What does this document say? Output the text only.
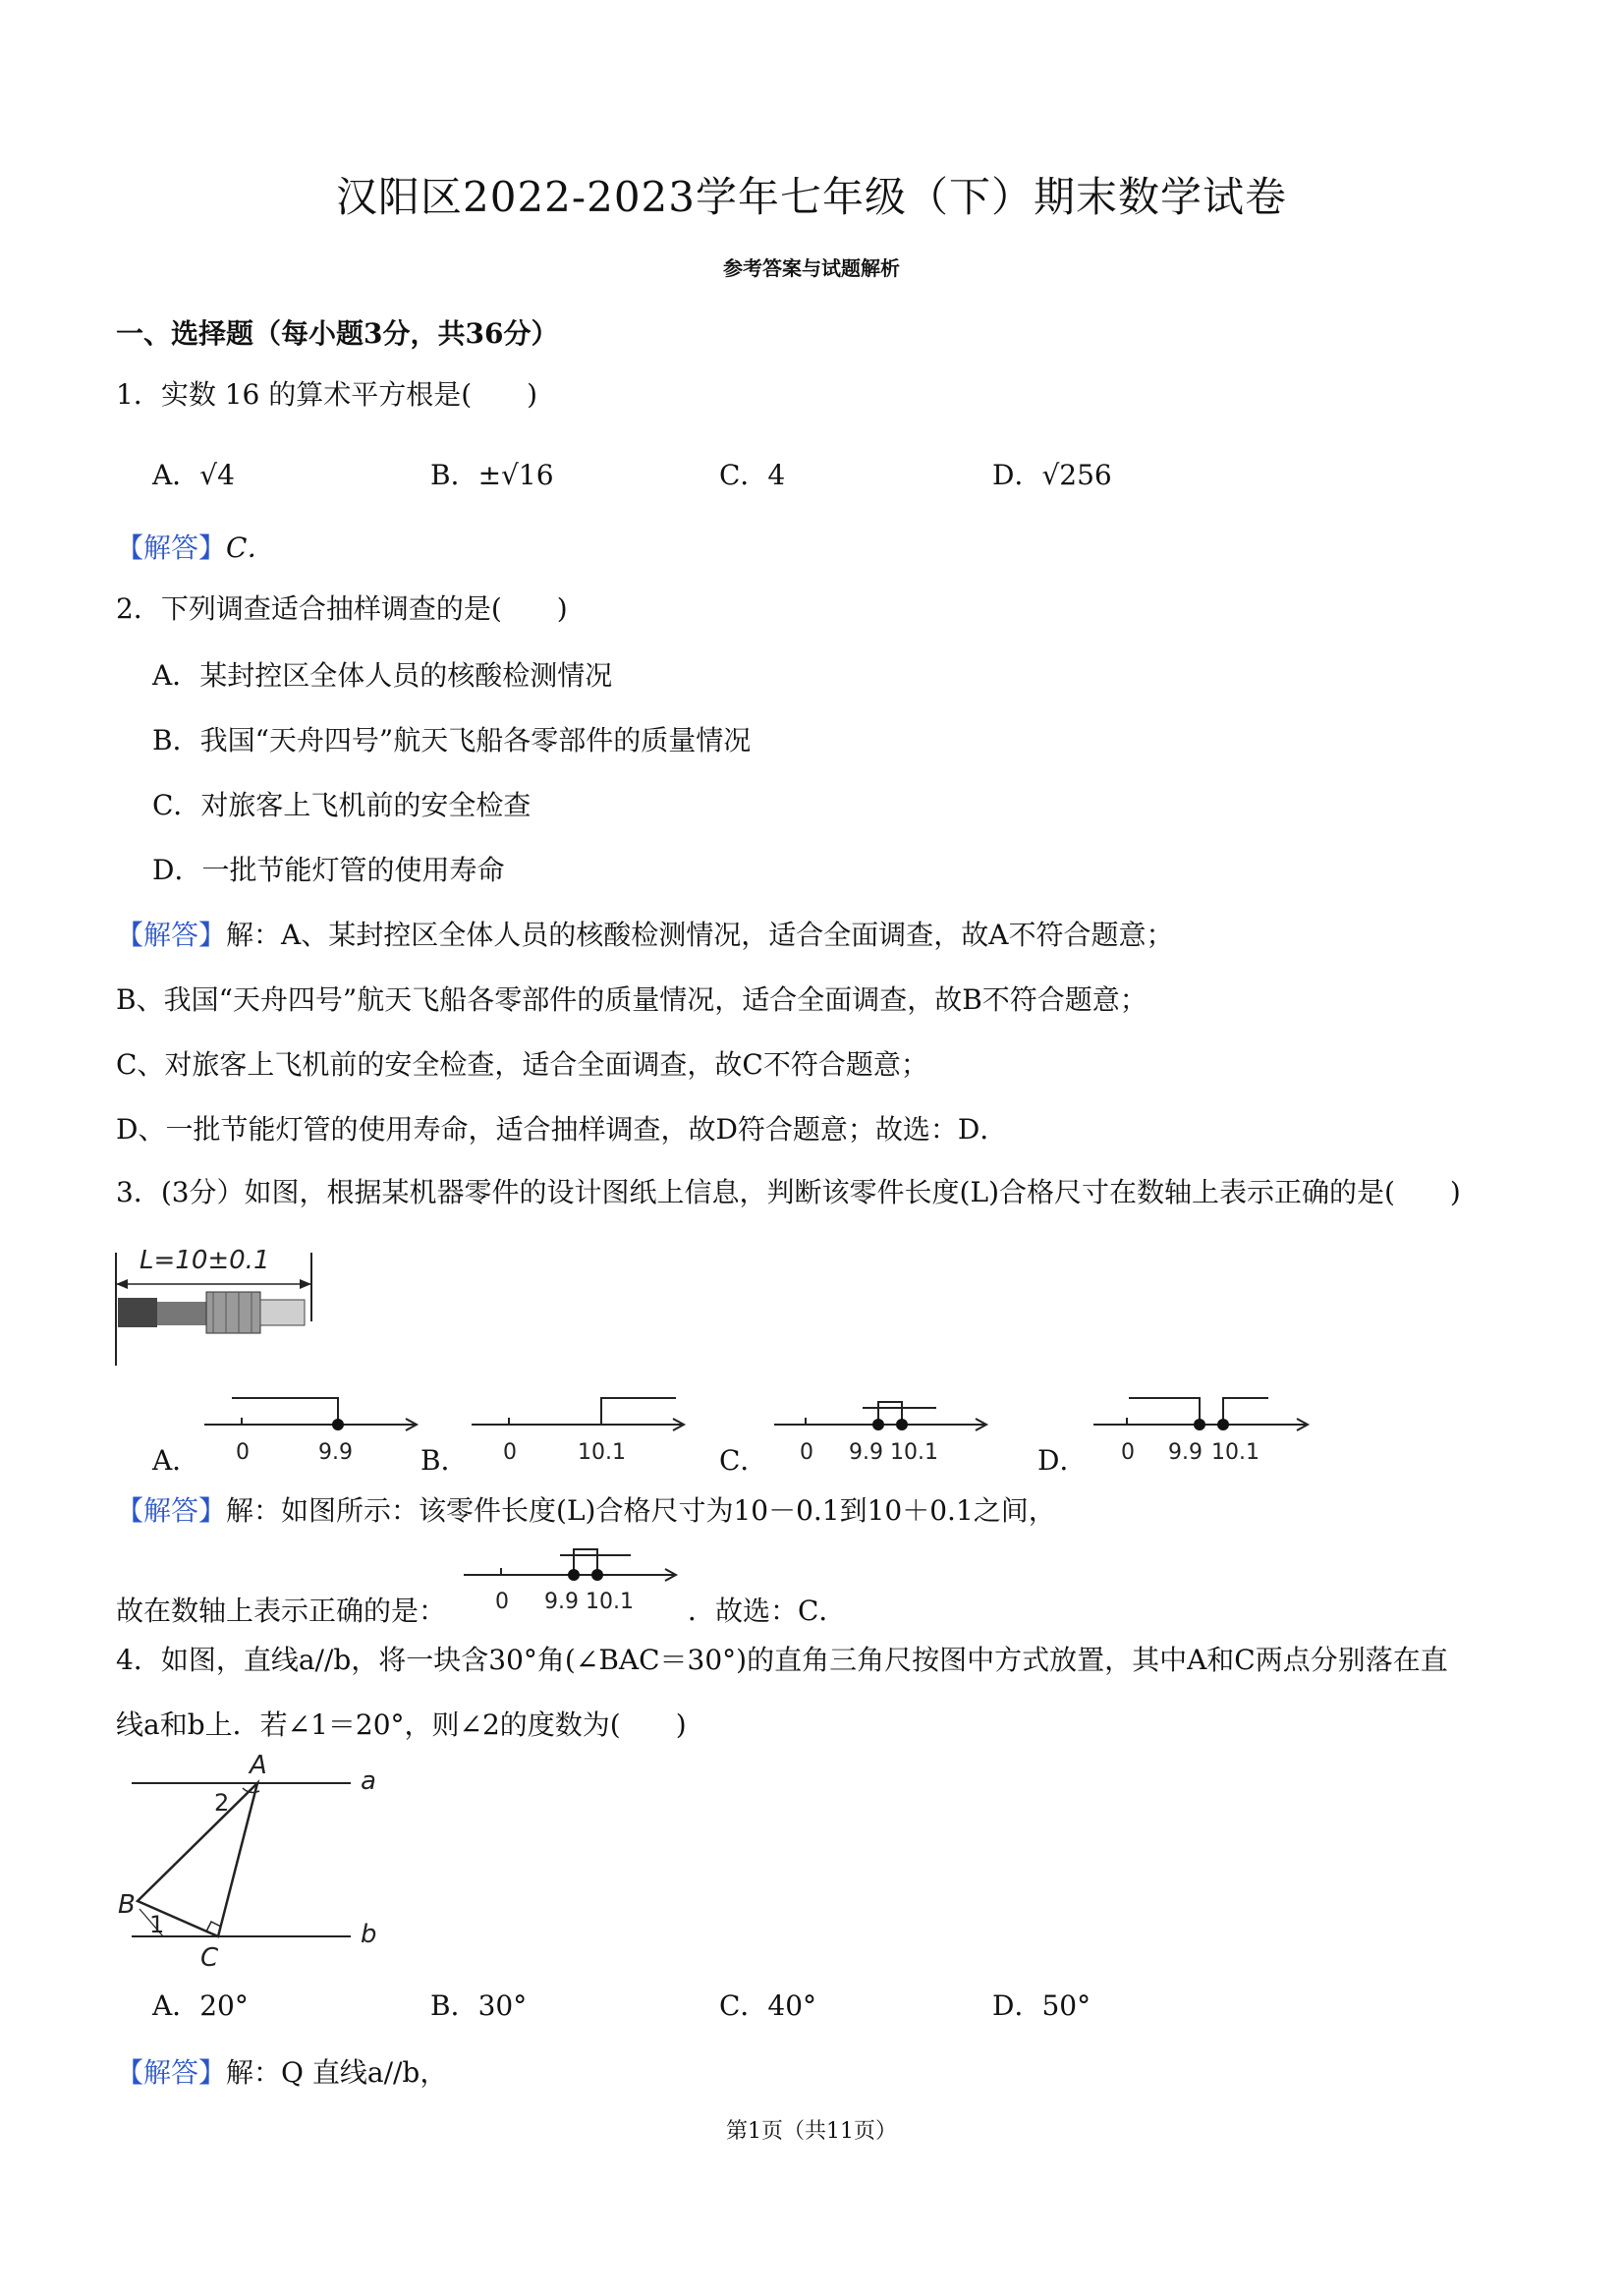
汉阳区2022-2023学年七年级（下）期末数学试卷
参考答案与试题解析
一、选择题（每小题3分，共36分）
1．实数 16 的算术平方根是(　　)
A．√4	B．±√16	C．4	D．√256
【解答】C．
2．下列调查适合抽样调查的是(　　)
A．某封控区全体人员的核酸检测情况
B．我国“天舟四号”航天飞船各零部件的质量情况
C．对旅客上飞机前的安全检查
D．一批节能灯管的使用寿命
【解答】解：A、某封控区全体人员的核酸检测情况，适合全面调查，故A不符合题意；
B、我国“天舟四号”航天飞船各零部件的质量情况，适合全面调查，故B不符合题意；
C、对旅客上飞机前的安全检查，适合全面调查，故C不符合题意；
D、一批节能灯管的使用寿命，适合抽样调查，故D符合题意；故选：D．
3．(3分）如图，根据某机器零件的设计图纸上信息，判断该零件长度(L)合格尺寸在数轴上表示正确的是(　　)
L=10±0.1
A．	B．	C．	D．
0	9.9	0	10.1	0 9.9 10.1	0 9.9 10.1
【解答】解：如图所示：该零件长度(L)合格尺寸为10－0.1到10＋0.1之间，
故在数轴上表示正确的是： 0 9.9 10.1 ．故选：C．
4．如图，直线a//b，将一块含30°角(∠BAC＝30°)的直角三角尺按图中方式放置，其中A和C两点分别落在直
线a和b上．若∠1＝20°，则∠2的度数为(　　)
A
B
C
a
b
1
2
A．20°	B．30°	C．40°	D．50°
【解答】解：Q 直线a//b，
第1页（共11页）
